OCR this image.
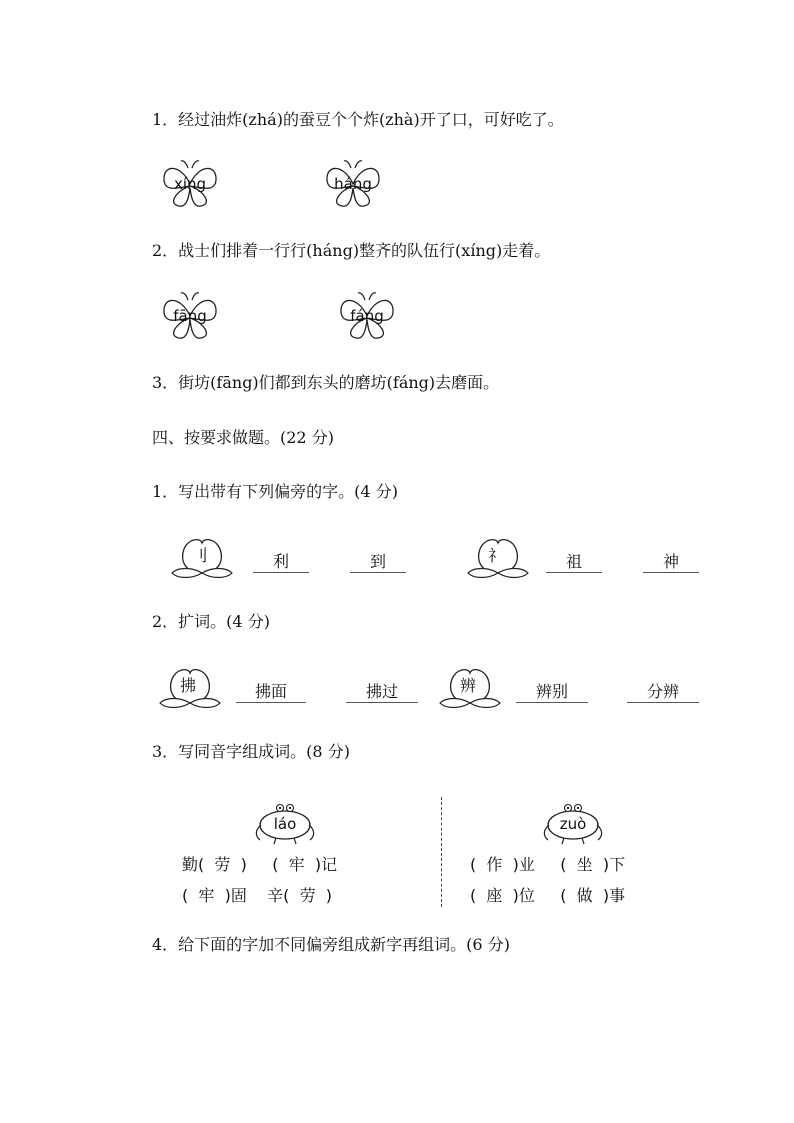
1．经过油炸(zhá)的蚕豆个个炸(zhà)开了口，可好吃了。
xíng	háng
2．战士们排着一行行(háng)整齐的队伍行(xíng)走着。
fāng	fáng
3．街坊(fāng)们都到东头的磨坊(fáng)去磨面。
四、按要求做题。(22 分)
1．写出带有下列偏旁的字。(4 分)
刂	利	到	礻	祖	神
2．扩词。(4 分)
拂	拂面	拂过	辨	辨别	分辨
3．写同音字组成词。(8 分)
láo
勤(  劳  )     (  牢  )记
(  牢  )固    辛(  劳  )
zuò
(  作  )业     (  坐  )下
(  座  )位     (  做  )事
4．给下面的字加不同偏旁组成新字再组词。(6 分)
